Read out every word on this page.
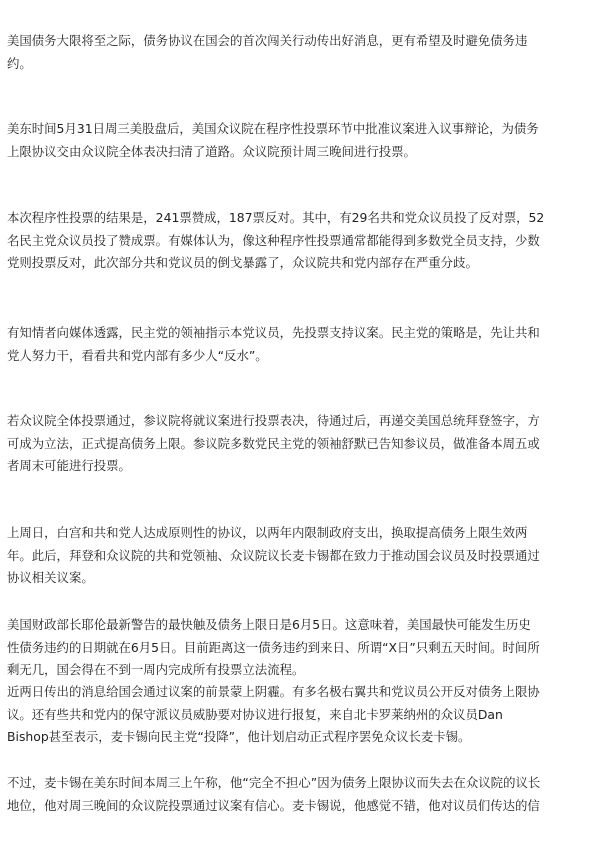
美国债务大限将至之际，债务协议在国会的首次闯关行动传出好消息，更有希望及时避免债务违
约。
美东时间5月31日周三美股盘后，美国众议院在程序性投票环节中批准议案进入议事辩论，为债务
上限协议交由众议院全体表决扫清了道路。众议院预计周三晚间进行投票。
本次程序性投票的结果是，241票赞成，187票反对。其中，有29名共和党众议员投了反对票，52
名民主党众议员投了赞成票。有媒体认为，像这种程序性投票通常都能得到多数党全员支持，少数
党则投票反对，此次部分共和党议员的倒戈暴露了，众议院共和党内部存在严重分歧。
有知情者向媒体透露，民主党的领袖指示本党议员，先投票支持议案。民主党的策略是，先让共和
党人努力干，看看共和党内部有多少人“反水”。
若众议院全体投票通过，参议院将就议案进行投票表决，待通过后，再递交美国总统拜登签字，方
可成为立法，正式提高债务上限。参议院多数党民主党的领袖舒默已告知参议员，做准备本周五或
者周末可能进行投票。
上周日，白宫和共和党人达成原则性的协议，以两年内限制政府支出，换取提高债务上限生效两
年。此后，拜登和众议院的共和党领袖、众议院议长麦卡锡都在致力于推动国会议员及时投票通过
协议相关议案。
美国财政部长耶伦最新警告的最快触及债务上限日是6月5日。这意味着，美国最快可能发生历史
性债务违约的日期就在6月5日。目前距离这一债务违约到来日、所谓“X日”只剩五天时间。时间所
剩无几，国会得在不到一周内完成所有投票立法流程。
近两日传出的消息给国会通过议案的前景蒙上阴霾。有多名极右翼共和党议员公开反对债务上限协
议。还有些共和党内的保守派议员威胁要对协议进行报复，来自北卡罗莱纳州的众议员Dan
Bishop甚至表示，麦卡锡向民主党“投降”，他计划启动正式程序罢免众议长麦卡锡。
不过，麦卡锡在美东时间本周三上午称，他“完全不担心”因为债务上限协议而失去在众议院的议长
地位，他对周三晚间的众议院投票通过议案有信心。麦卡锡说，他感觉不错，他对议员们传达的信
